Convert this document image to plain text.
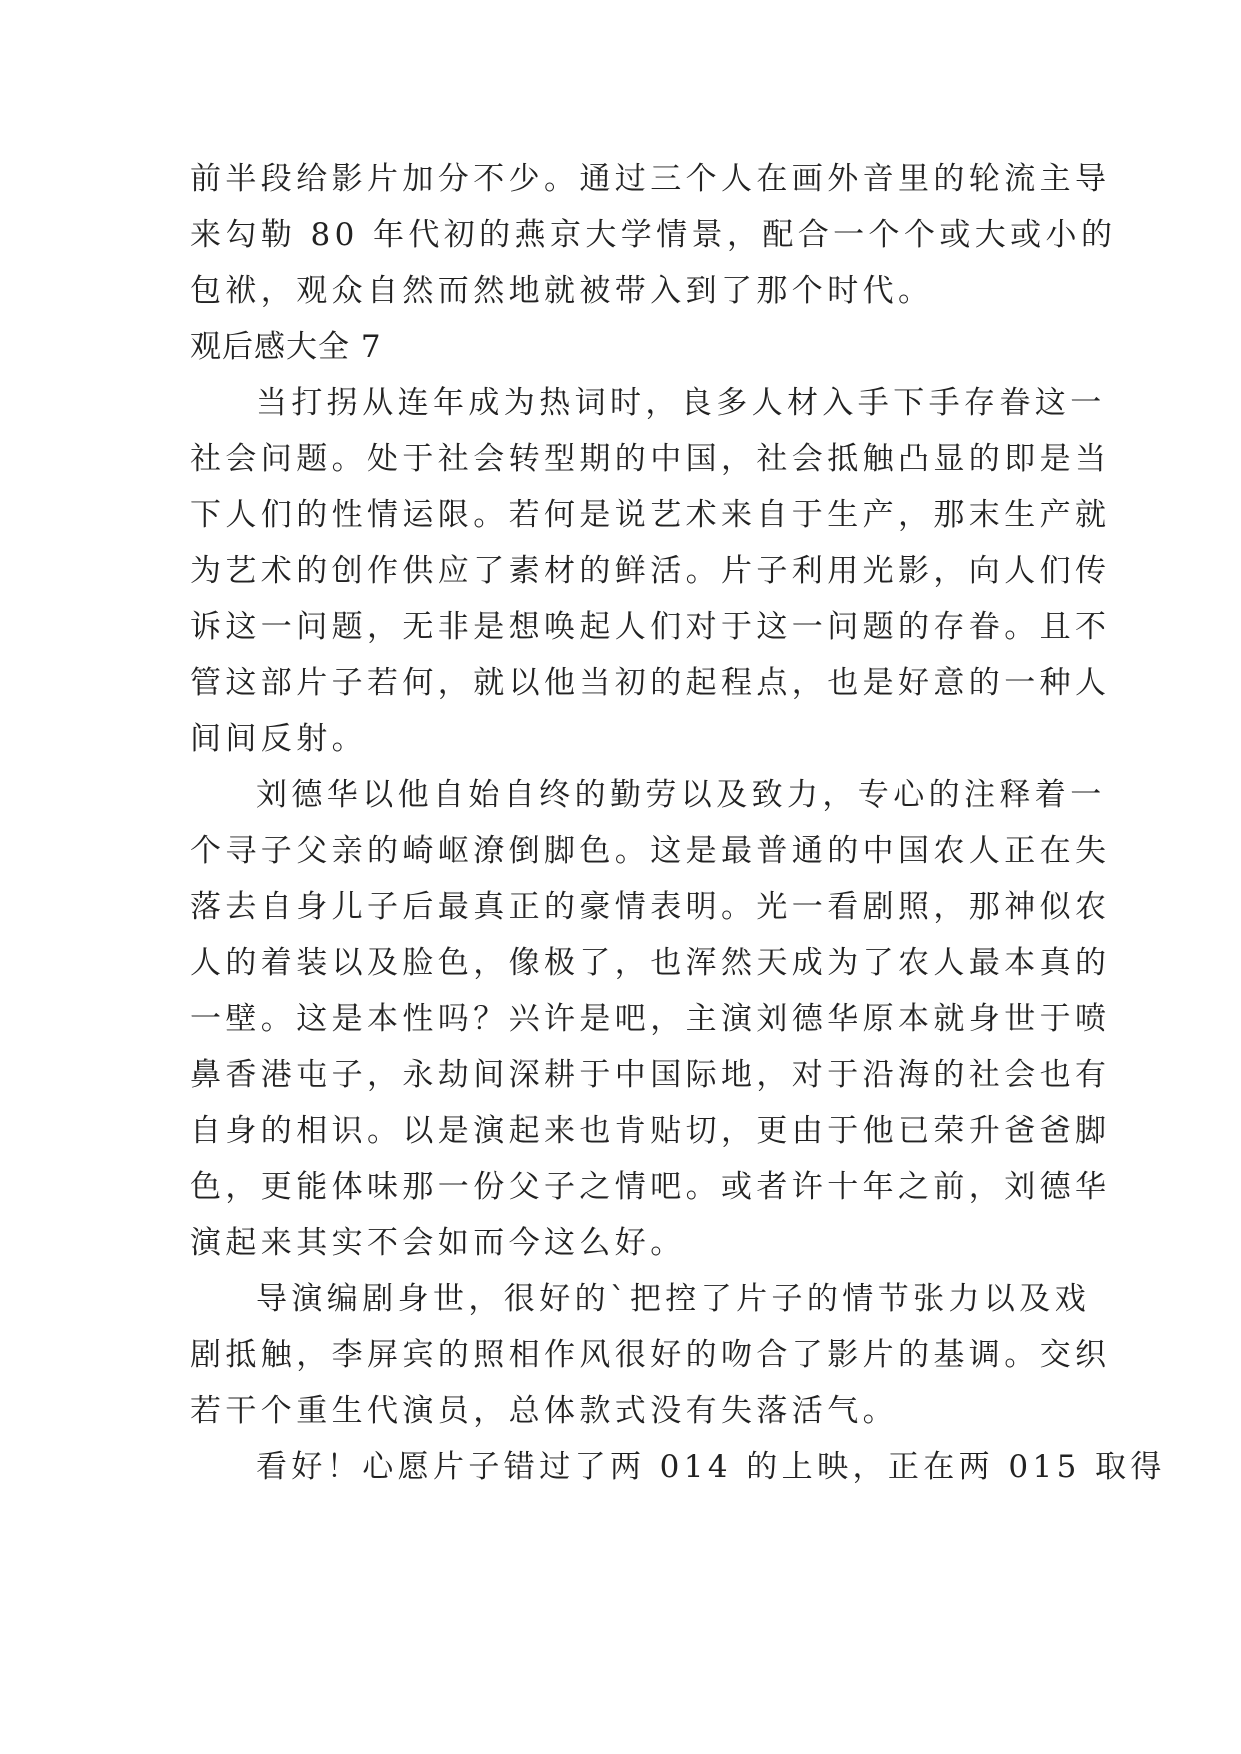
前半段给影片加分不少。通过三个人在画外音里的轮流主导
来勾勒 80 年代初的燕京大学情景，配合一个个或大或小的
包袱，观众自然而然地就被带入到了那个时代。
观后感大全 7
当打拐从连年成为热词时，良多人材入手下手存眷这一
社会问题。处于社会转型期的中国，社会抵触凸显的即是当
下人们的性情运限。若何是说艺术来自于生产，那末生产就
为艺术的创作供应了素材的鲜活。片子利用光影，向人们传
诉这一问题，无非是想唤起人们对于这一问题的存眷。且不
管这部片子若何，就以他当初的起程点，也是好意的一种人
间间反射。
刘德华以他自始自终的勤劳以及致力，专心的注释着一
个寻子父亲的崎岖潦倒脚色。这是最普通的中国农人正在失
落去自身儿子后最真正的豪情表明。光一看剧照，那神似农
人的着装以及脸色，像极了，也浑然天成为了农人最本真的
一壁。这是本性吗？兴许是吧，主演刘德华原本就身世于喷
鼻香港屯子，永劫间深耕于中国际地，对于沿海的社会也有
自身的相识。以是演起来也肯贴切，更由于他已荣升爸爸脚
色，更能体味那一份父子之情吧。或者许十年之前，刘德华
演起来其实不会如而今这么好。
导演编剧身世，很好的`把控了片子的情节张力以及戏
剧抵触，李屏宾的照相作风很好的吻合了影片的基调。交织
若干个重生代演员，总体款式没有失落活气。
看好！心愿片子错过了两 014 的上映，正在两 015 取得
